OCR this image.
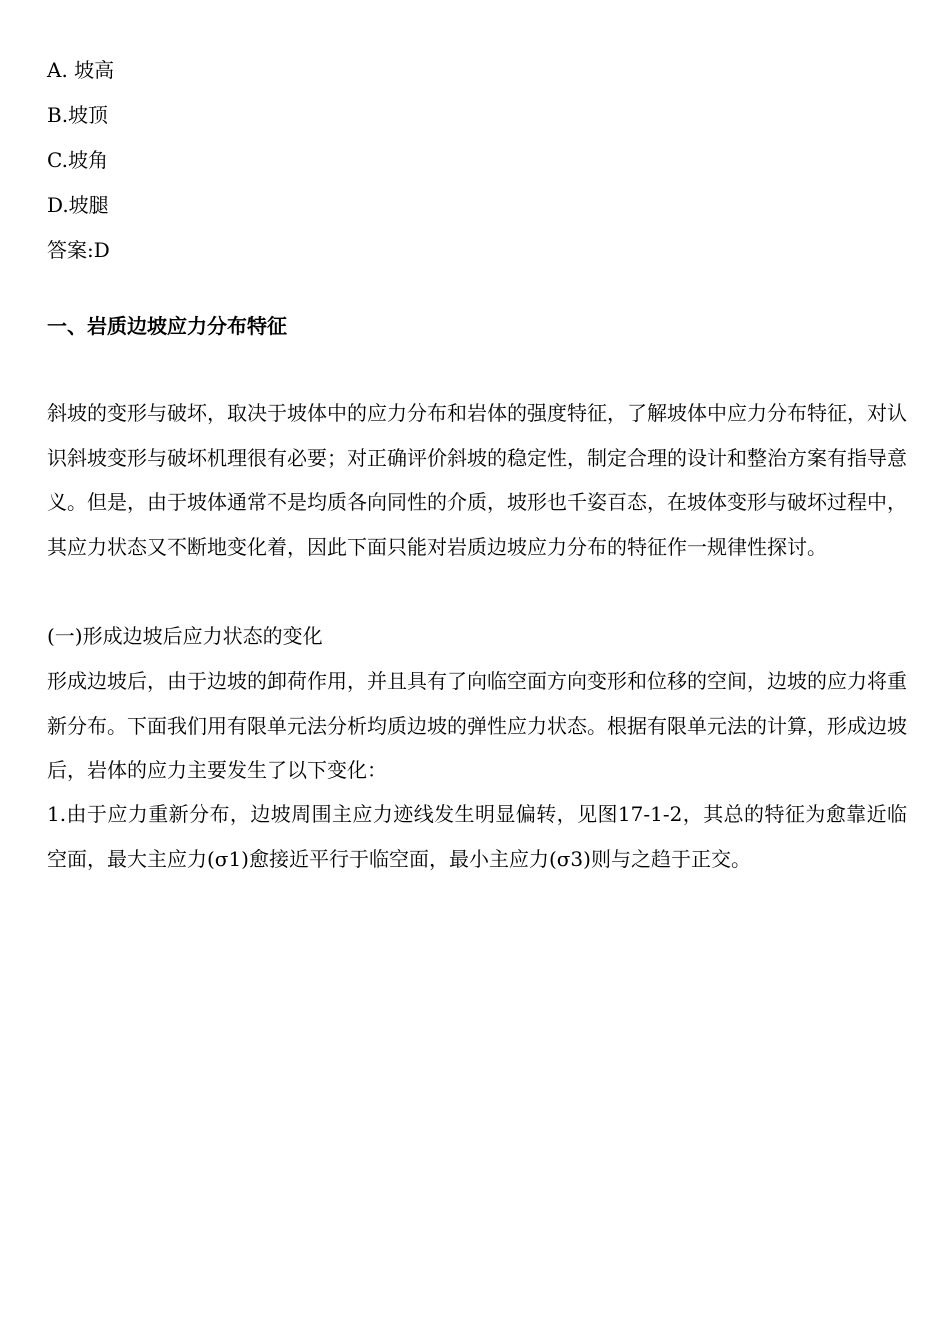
A. 坡高
B.坡顶
C.坡角
D.坡腿
答案:D
一、岩质边坡应力分布特征
斜坡的变形与破坏，取决于坡体中的应力分布和岩体的强度特征，了解坡体中应力分布特征，对认识斜坡变形与破坏机理很有必要；对正确评价斜坡的稳定性，制定合理的设计和整治方案有指导意义。但是，由于坡体通常不是均质各向同性的介质，坡形也千姿百态，在坡体变形与破坏过程中，其应力状态又不断地变化着，因此下面只能对岩质边坡应力分布的特征作一规律性探讨。
(一)形成边坡后应力状态的变化
形成边坡后，由于边坡的卸荷作用，并且具有了向临空面方向变形和位移的空间，边坡的应力将重新分布。下面我们用有限单元法分析均质边坡的弹性应力状态。根据有限单元法的计算，形成边坡后，岩体的应力主要发生了以下变化：
1.由于应力重新分布，边坡周围主应力迹线发生明显偏转，见图17-1-2，其总的特征为愈靠近临空面，最大主应力(σ1)愈接近平行于临空面，最小主应力(σ3)则与之趋于正交。
